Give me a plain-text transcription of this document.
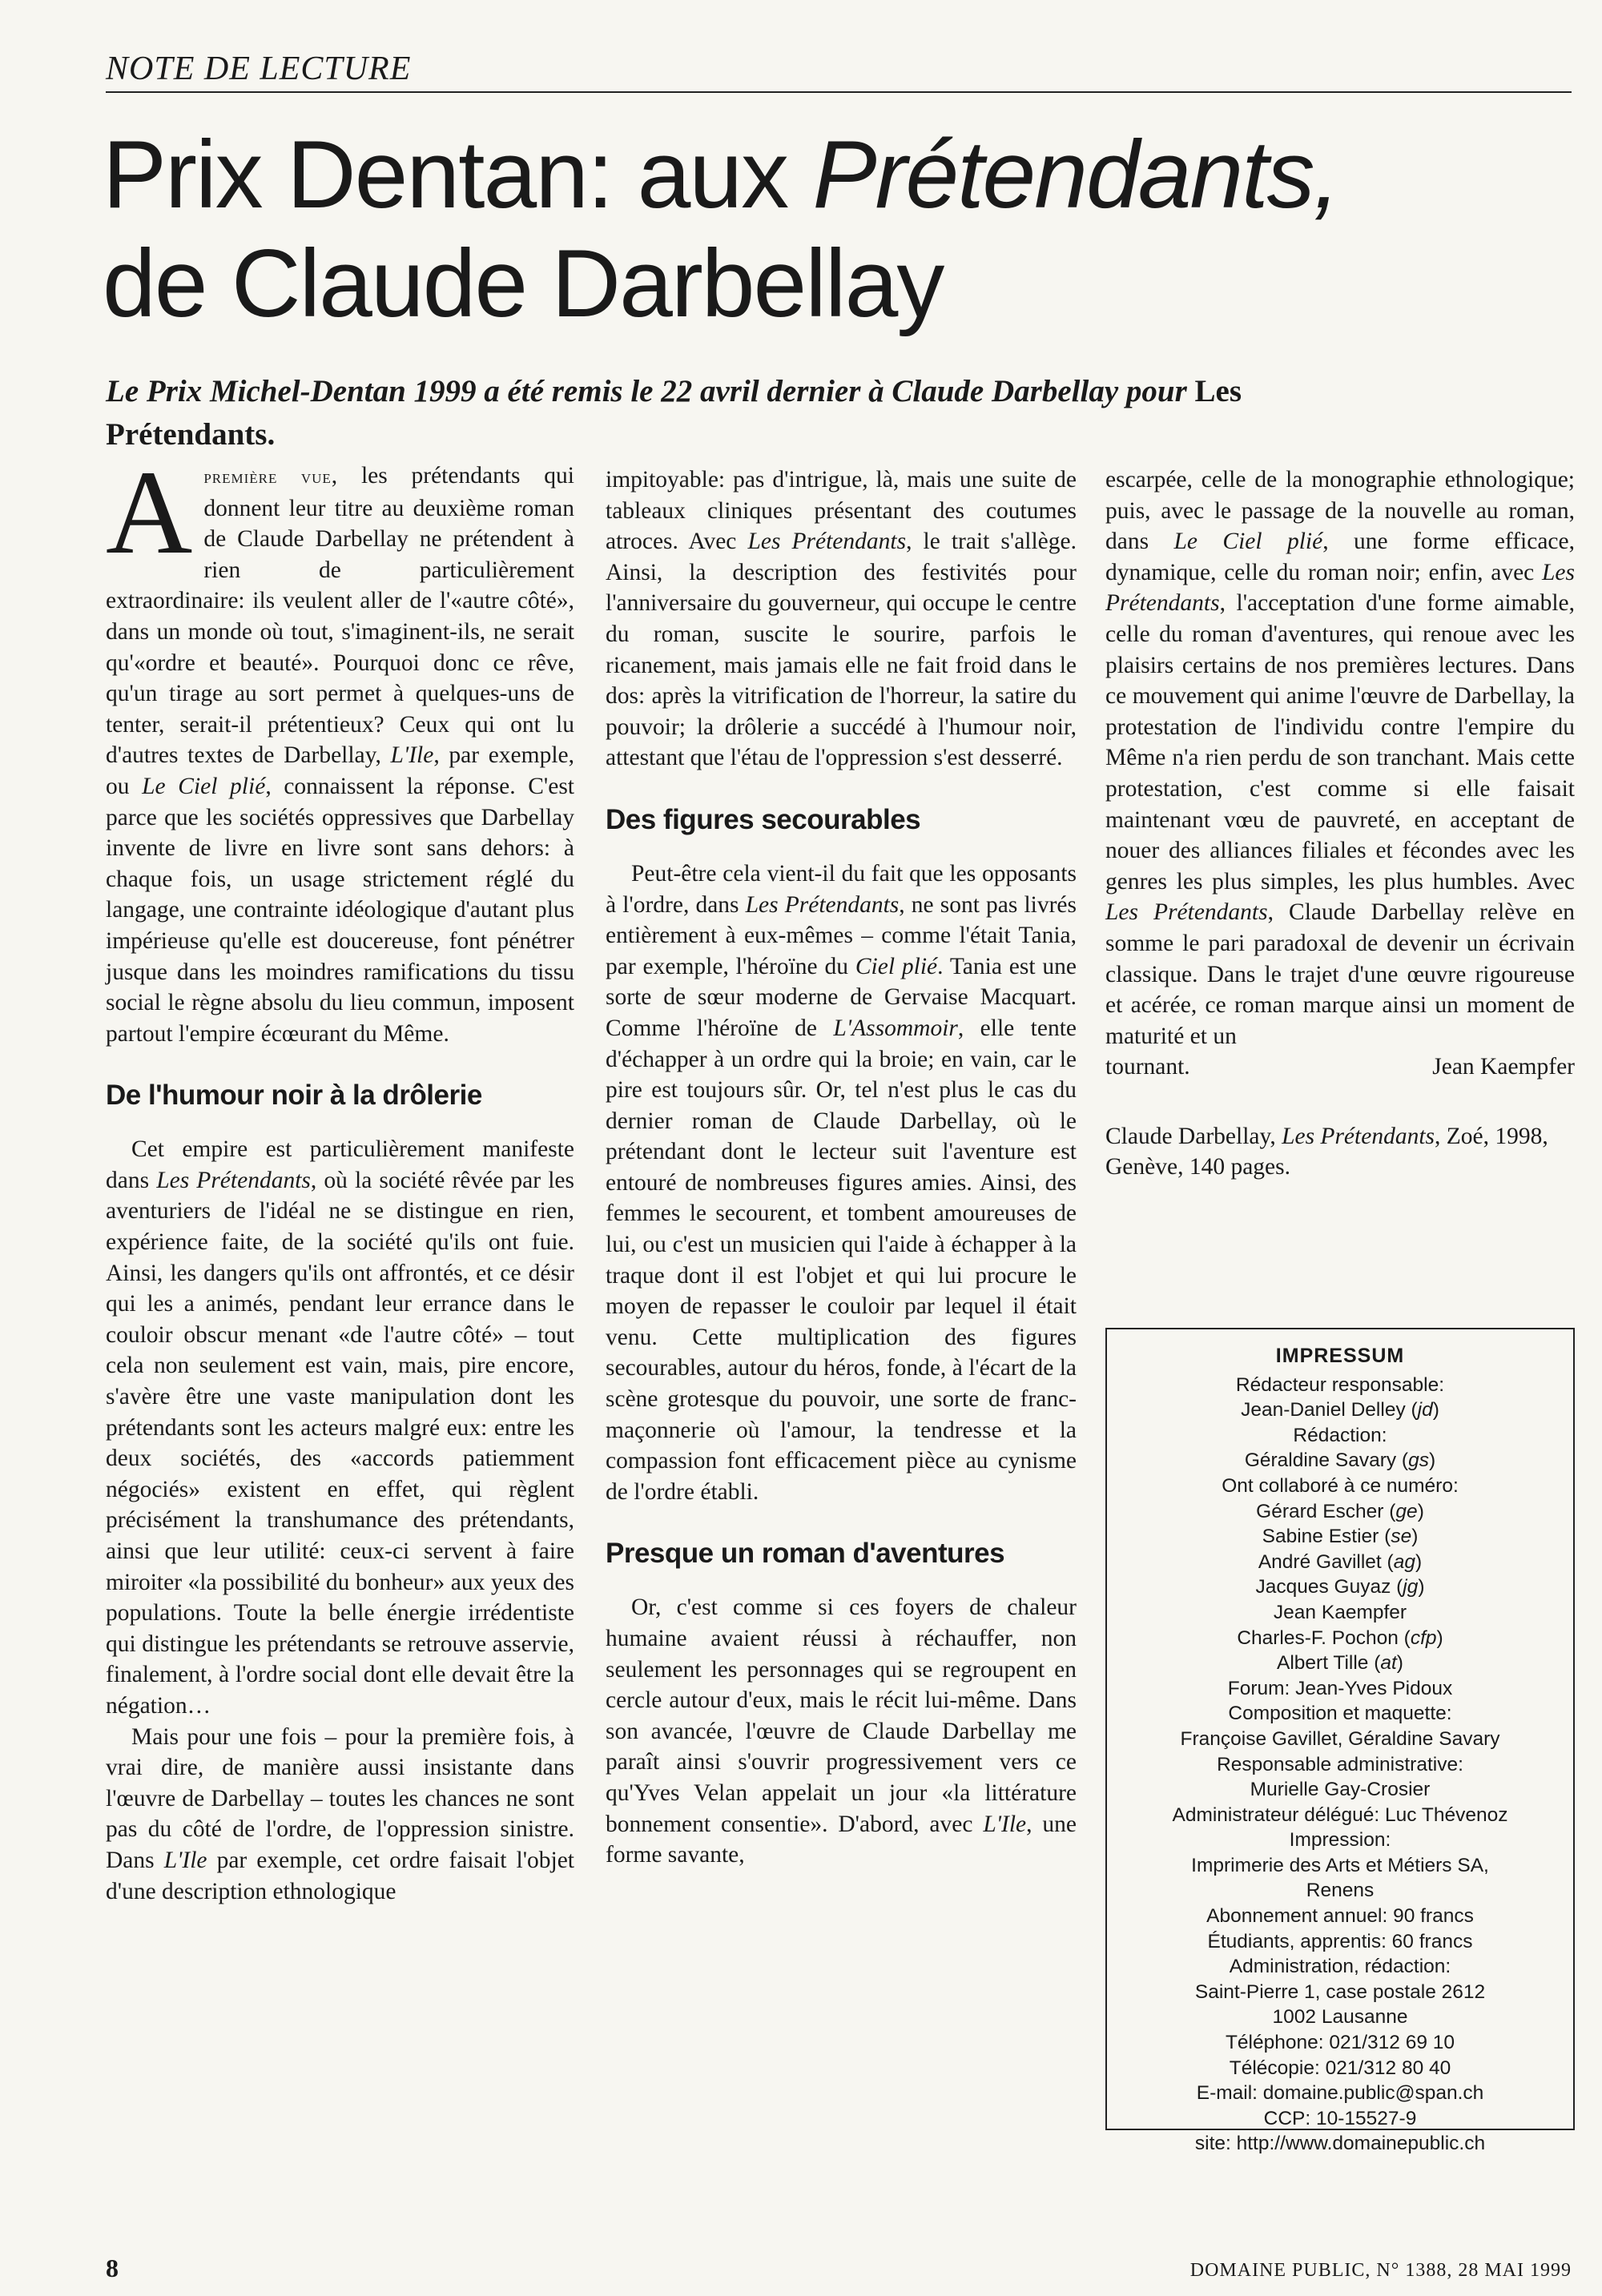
NOTE DE LECTURE
Prix Dentan: aux Prétendants,
de Claude Darbellay

Le Prix Michel-Dentan 1999 a été remis le 22 avril dernier à Claude Darbellay pour Les Prétendants.

Apremière vue, les prétendants qui donnent leur titre au deuxième roman de Claude Darbellay ne prétendent à rien de particulièrement extraordinaire: ils veulent aller de l'«autre côté», dans un monde où tout, s'imaginent-ils, ne serait qu'«ordre et beauté». Pourquoi donc ce rêve, qu'un tirage au sort permet à quelques-uns de tenter, serait-il prétentieux? Ceux qui ont lu d'autres textes de Darbellay, L'Ile, par exemple, ou Le Ciel plié, connaissent la réponse. C'est parce que les sociétés oppressives que Darbellay invente de livre en livre sont sans dehors: à chaque fois, un usage strictement réglé du langage, une contrainte idéologique d'autant plus impérieuse qu'elle est doucereuse, font pénétrer jusque dans les moindres ramifications du tissu social le règne absolu du lieu commun, imposent partout l'empire écœurant du Même.

De l'humour noir à la drôlerie

Cet empire est particulièrement manifeste dans Les Prétendants, où la société rêvée par les aventuriers de l'idéal ne se distingue en rien, expérience faite, de la société qu'ils ont fuie. Ainsi, les dangers qu'ils ont affrontés, et ce désir qui les a animés, pendant leur errance dans le couloir obscur menant «de l'autre côté» – tout cela non seulement est vain, mais, pire encore, s'avère être une vaste manipulation dont les prétendants sont les acteurs malgré eux: entre les deux sociétés, des «accords patiemment négociés» existent en effet, qui règlent précisément la transhumance des prétendants, ainsi que leur utilité: ceux-ci servent à faire miroiter «la possibilité du bonheur» aux yeux des populations. Toute la belle énergie irrédentiste qui distingue les prétendants se retrouve asservie, finalement, à l'ordre social dont elle devait être la négation…

Mais pour une fois – pour la première fois, à vrai dire, de manière aussi insistante dans l'œuvre de Darbellay – toutes les chances ne sont pas du côté de l'ordre, de l'oppression sinistre. Dans L'Ile par exemple, cet ordre faisait l'objet d'une description ethnologique

impitoyable: pas d'intrigue, là, mais une suite de tableaux cliniques présentant des coutumes atroces. Avec Les Prétendants, le trait s'allège. Ainsi, la description des festivités pour l'anniversaire du gouverneur, qui occupe le centre du roman, suscite le sourire, parfois le ricanement, mais jamais elle ne fait froid dans le dos: après la vitrification de l'horreur, la satire du pouvoir; la drôlerie a succédé à l'humour noir, attestant que l'étau de l'oppression s'est desserré.

Des figures secourables

Peut-être cela vient-il du fait que les opposants à l'ordre, dans Les Prétendants, ne sont pas livrés entièrement à eux-mêmes – comme l'était Tania, par exemple, l'héroïne du Ciel plié. Tania est une sorte de sœur moderne de Gervaise Macquart. Comme l'héroïne de L'Assommoir, elle tente d'échapper à un ordre qui la broie; en vain, car le pire est toujours sûr. Or, tel n'est plus le cas du dernier roman de Claude Darbellay, où le prétendant dont le lecteur suit l'aventure est entouré de nombreuses figures amies. Ainsi, des femmes le secourent, et tombent amoureuses de lui, ou c'est un musicien qui l'aide à échapper à la traque dont il est l'objet et qui lui procure le moyen de repasser le couloir par lequel il était venu. Cette multiplication des figures secourables, autour du héros, fonde, à l'écart de la scène grotesque du pouvoir, une sorte de franc-maçonnerie où l'amour, la tendresse et la compassion font efficacement pièce au cynisme de l'ordre établi.

Presque un roman d'aventures

Or, c'est comme si ces foyers de chaleur humaine avaient réussi à réchauffer, non seulement les personnages qui se regroupent en cercle autour d'eux, mais le récit lui-même. Dans son avancée, l'œuvre de Claude Darbellay me paraît ainsi s'ouvrir progressivement vers ce qu'Yves Velan appelait un jour «la littérature bonnement consentie». D'abord, avec L'Ile, une forme savante,

escarpée, celle de la monographie ethnologique; puis, avec le passage de la nouvelle au roman, dans Le Ciel plié, une forme efficace, dynamique, celle du roman noir; enfin, avec Les Prétendants, l'acceptation d'une forme aimable, celle du roman d'aventures, qui renoue avec les plaisirs certains de nos premières lectures. Dans ce mouvement qui anime l'œuvre de Darbellay, la protestation de l'individu contre l'empire du Même n'a rien perdu de son tranchant. Mais cette protestation, c'est comme si elle faisait maintenant vœu de pauvreté, en acceptant de nouer des alliances filiales et fécondes avec les genres les plus simples, les plus humbles. Avec Les Prétendants, Claude Darbellay relève en somme le pari paradoxal de devenir un écrivain classique. Dans le trajet d'une œuvre rigoureuse et acérée, ce roman marque ainsi un moment de maturité et un

tournant.	Jean Kaempfer

Claude Darbellay, Les Prétendants, Zoé, 1998, Genève, 140 pages.

IMPRESSUM
Rédacteur responsable:
Jean-Daniel Delley (jd)
Rédaction:
Géraldine Savary (gs)
Ont collaboré à ce numéro:
Gérard Escher (ge)
Sabine Estier (se)
André Gavillet (ag)
Jacques Guyaz (jg)
Jean Kaempfer
Charles-F. Pochon (cfp)
Albert Tille (at)
Forum: Jean-Yves Pidoux
Composition et maquette:
Françoise Gavillet, Géraldine Savary
Responsable administrative:
Murielle Gay-Crosier
Administrateur délégué: Luc Thévenoz
Impression:
Imprimerie des Arts et Métiers SA,
Renens
Abonnement annuel: 90 francs
Étudiants, apprentis: 60 francs
Administration, rédaction:
Saint-Pierre 1, case postale 2612
1002 Lausanne
Téléphone: 021/312 69 10
Télécopie: 021/312 80 40
E-mail: domaine.public@span.ch
CCP: 10-15527-9
site: http://www.domainepublic.ch
8	DOMAINE PUBLIC, N° 1388, 28 MAI 1999
